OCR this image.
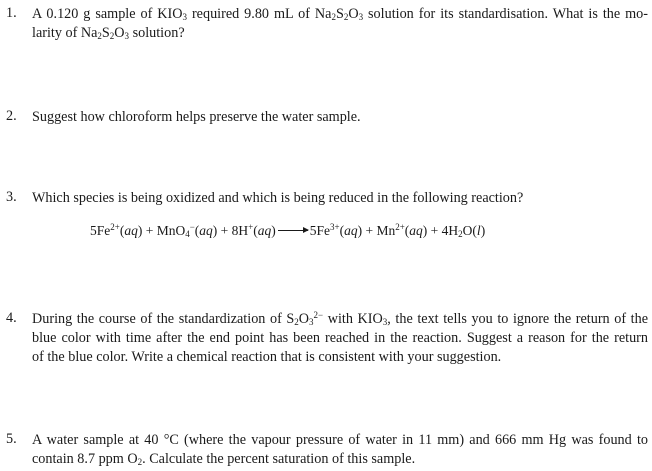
1. A 0.120 g sample of $KIO_3$ required 9.80 mL of $Na_2S_2O_3$ solution for its standardisation. What is the mo-
larity of $Na_2S_2O_3$ solution?
2. Suggest how chloroform helps preserve the water sample.
3. Which species is being oxidized and which is being reduced in the following reaction?
$5Fe^{2+}(aq) + MnO_4^-(aq) + 8H^+(aq) \to 5Fe^{3+}(aq) + Mn^{2+}(aq) + 4H_2O(l)$
4. During the course of the standardization of $S_2O_3^{2-}$ with $KIO_3$, the text tells you to ignore the return of the
blue color with time after the end point has been reached in the reaction. Suggest a reason for the return
of the blue color. Write a chemical reaction that is consistent with your suggestion.
5. A water sample at 40 °C (where the vapour pressure of water in 11 mm) and 666 mm Hg was found to
contain 8.7 ppm $O_2$. Calculate the percent saturation of this sample.
